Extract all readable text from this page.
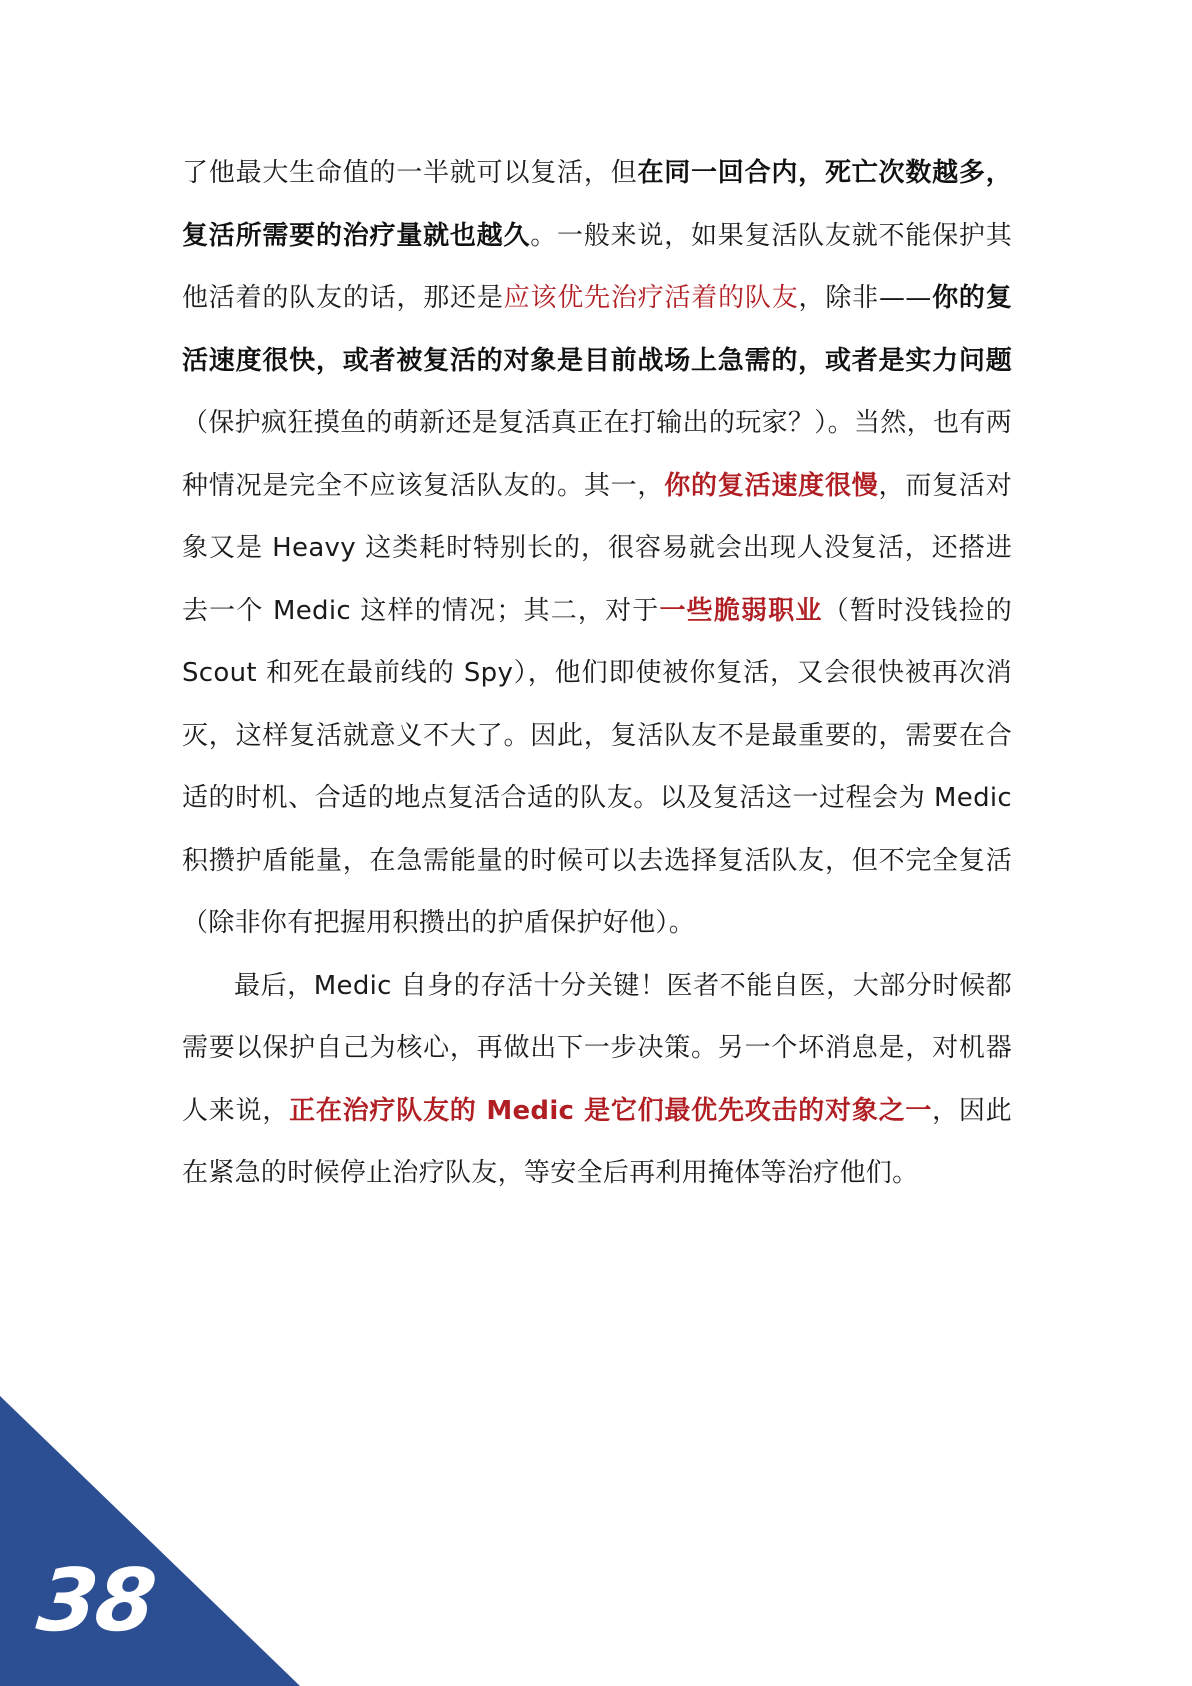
了他最大生命值的一半就可以复活，但在同一回合内，死亡次数越多，复活所需要的治疗量就也越久。一般来说，如果复活队友就不能保护其他活着的队友的话，那还是应该优先治疗活着的队友，除非——你的复活速度很快，或者被复活的对象是目前战场上急需的，或者是实力问题（保护疯狂摸鱼的萌新还是复活真正在打输出的玩家？）。当然，也有两种情况是完全不应该复活队友的。其一，你的复活速度很慢，而复活对象又是 Heavy 这类耗时特别长的，很容易就会出现人没复活，还搭进去一个 Medic 这样的情况；其二，对于一些脆弱职业（暂时没钱捡的 Scout 和死在最前线的 Spy），他们即使被你复活，又会很快被再次消灭，这样复活就意义不大了。因此，复活队友不是最重要的，需要在合适的时机、合适的地点复活合适的队友。以及复活这一过程会为 Medic 积攒护盾能量，在急需能量的时候可以去选择复活队友，但不完全复活（除非你有把握用积攒出的护盾保护好他）。

最后，Medic 自身的存活十分关键！医者不能自医，大部分时候都需要以保护自己为核心，再做出下一步决策。另一个坏消息是，对机器人来说，正在治疗队友的 Medic 是它们最优先攻击的对象之一，因此在紧急的时候停止治疗队友，等安全后再利用掩体等治疗他们。

38
